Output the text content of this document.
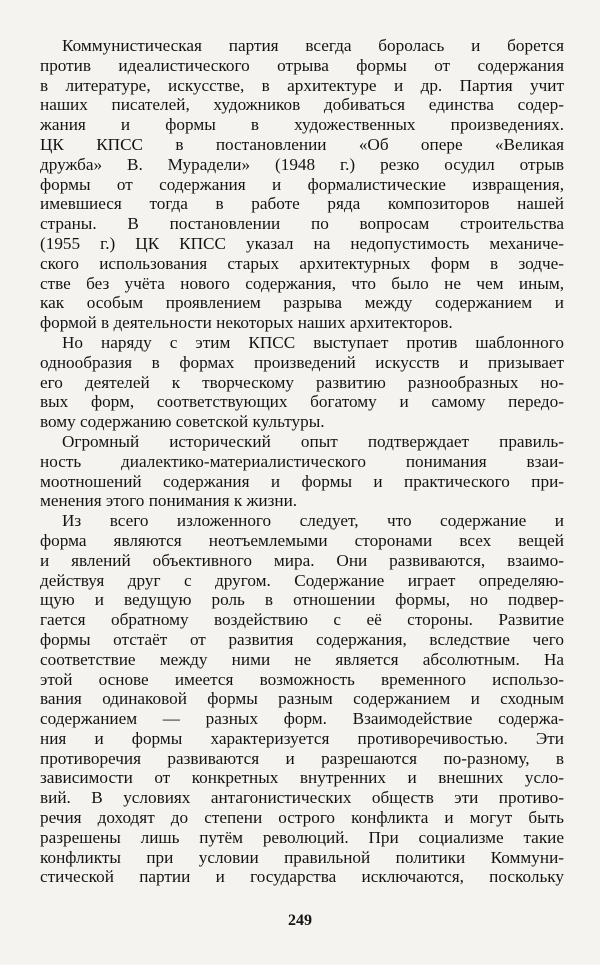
Коммунистическая партия всегда боролась и борется
против идеалистического отрыва формы от содержания
в литературе, искусстве, в архитектуре и др. Партия учит
наших писателей, художников добиваться единства содер-
жания и формы в художественных произведениях.
ЦК КПСС в постановлении «Об опере «Великая
дружба» В. Мурадели» (1948 г.) резко осудил отрыв
формы от содержания и формалистические извращения,
имевшиеся тогда в работе ряда композиторов нашей
страны. В постановлении по вопросам строительства
(1955 г.) ЦК КПСС указал на недопустимость механиче-
ского использования старых архитектурных форм в зодче-
стве без учёта нового содержания, что было не чем иным,
как особым проявлением разрыва между содержанием и
формой в деятельности некоторых наших архитекторов.

Но наряду с этим КПСС выступает против шаблонного
однообразия в формах произведений искусств и призывает
его деятелей к творческому развитию разнообразных но-
вых форм, соответствующих богатому и самому передо-
вому содержанию советской культуры.

Огромный исторический опыт подтверждает правиль-
ность диалектико-материалистического понимания взаи-
моотношений содержания и формы и практического при-
менения этого понимания к жизни.

Из всего изложенного следует, что содержание и
форма являются неотъемлемыми сторонами всех вещей
и явлений объективного мира. Они развиваются, взаимо-
действуя друг с другом. Содержание играет определяю-
щую и ведущую роль в отношении формы, но подвер-
гается обратному воздействию с её стороны. Развитие
формы отстаёт от развития содержания, вследствие чего
соответствие между ними не является абсолютным. На
этой основе имеется возможность временного использо-
вания одинаковой формы разным содержанием и сходным
содержанием — разных форм. Взаимодействие содержа-
ния и формы характеризуется противоречивостью. Эти
противоречия развиваются и разрешаются по-разному, в
зависимости от конкретных внутренних и внешних усло-
вий. В условиях антагонистических обществ эти противо-
речия доходят до степени острого конфликта и могут быть
разрешены лишь путём революций. При социализме такие
конфликты при условии правильной политики Коммуни-
стической партии и государства исключаются, поскольку

249
